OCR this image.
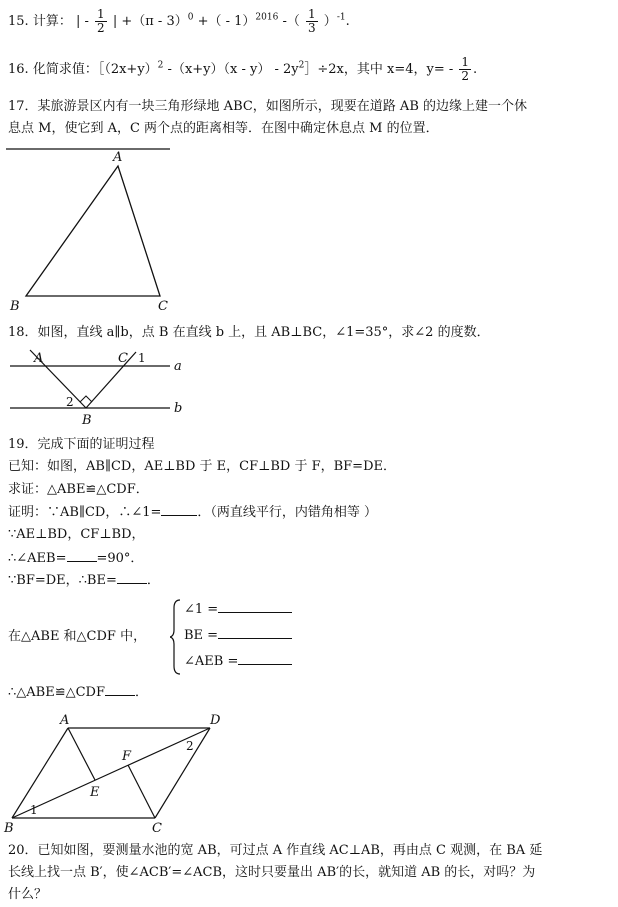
15. 计算： | - $\frac{1}{2}$ | +（π - 3）$^0$ +（ - 1）$^{2016}$ -（ $\frac{1}{3} )^{-1}$.
16. 化简求值：$[(2x+y)^2$ $-(x+y)(x - y) - 2y^2]\div 2x$，其中 x=4，$y= - \frac{1}{2}$ .
17．某旅游景区内有一块三角形绿地 ABC，如图所示，现要在道路 AB 的边缘上建一个休
息点 M，使它到 A，C 两个点的距离相等．在图中确定休息点 M 的位置．
A
B	C
18．如图，直线 a∥b，点 B 在直线 b 上，且 AB⊥BC，∠1=35°，求∠2 的度数．
A	C 1
a
2	b
B
19．完成下面的证明过程
已知：如图，AB∥CD，AE⊥BD 于 E，CF⊥BD 于 F，BF=DE．
求证：△ABE≌△CDF．
证明：∵AB∥CD，∴∠1=	．（两直线平行，内错角相等 ）
∵AE⊥BD，CF⊥BD，
∴∠AEB= =90°．
∵BF=DE，∴BE= ．
在△ABE 和△CDF 中，
∠1 =
BE =
∠AEB =
∴△ABE≌△CDF ．
A	D
F
2
E
1
B	C
20．已知如图，要测量水池的宽 AB，可过点 A 作直线 AC⊥AB，再由点 C 观测，在 BA 延
长线上找一点 B′，使∠ACB′=∠ACB，这时只要量出 AB′的长，就知道 AB 的长，对吗？为
什么？
